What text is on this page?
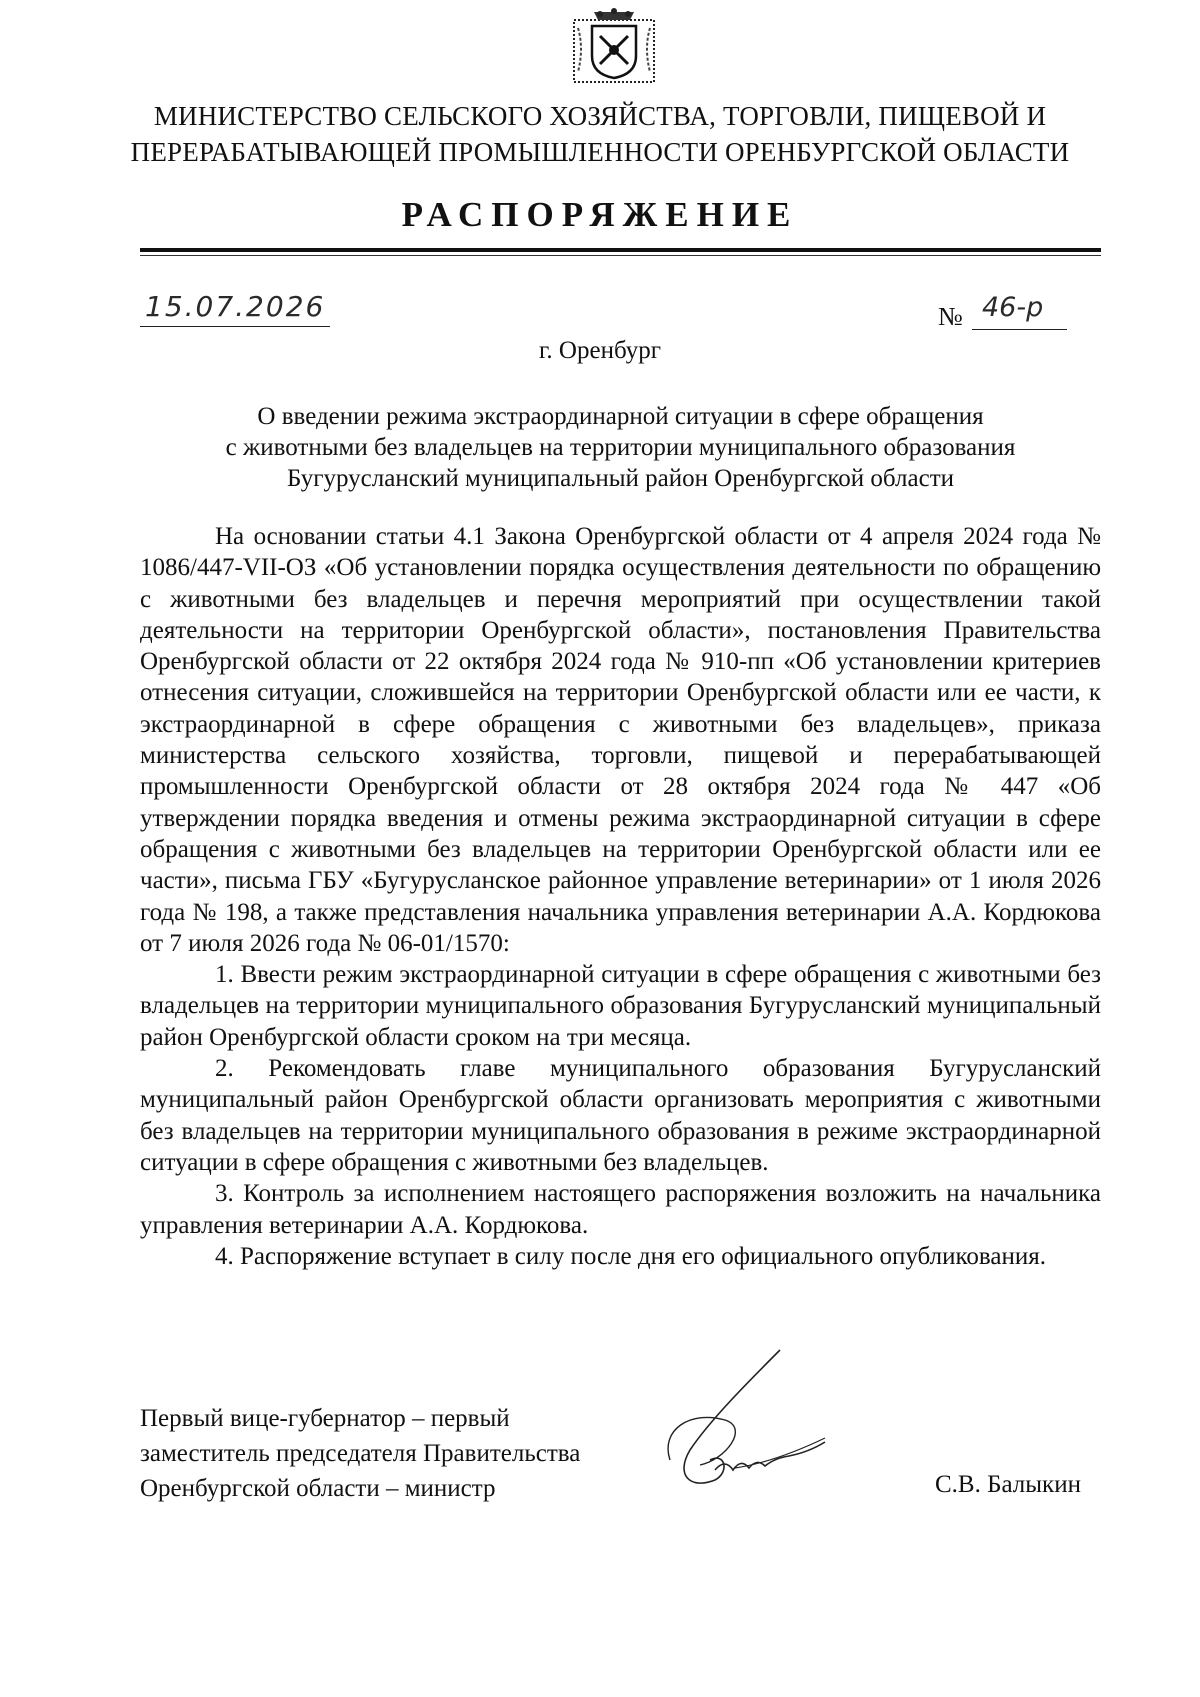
МИНИСТЕРСТВО СЕЛЬСКОГО ХОЗЯЙСТВА, ТОРГОВЛИ, ПИЩЕВОЙ И
ПЕРЕРАБАТЫВАЮЩЕЙ ПРОМЫШЛЕННОСТИ ОРЕНБУРГСКОЙ ОБЛАСТИ
РАСПОРЯЖЕНИЕ
15.07.2026	№ 46-р
г. Оренбург
О введении режима экстраординарной ситуации в сфере обращения
с животными без владельцев на территории муниципального образования
Бугурусланский муниципальный район Оренбургской области

На основании статьи 4.1 Закона Оренбургской области от 4 апреля 2024 года № 1086/447-VII-ОЗ «Об установлении порядка осуществления деятельности по обращению с животными без владельцев и перечня мероприятий при осуществлении такой деятельности на территории Оренбургской области», постановления Правительства Оренбургской области от 22 октября 2024 года № 910-пп «Об установлении критериев отнесения ситуации, сложившейся на территории Оренбургской области или ее части, к экстраординарной в сфере обращения с животными без владельцев», приказа министерства сельского хозяйства, торговли, пищевой и перерабатывающей промышленности Оренбургской области от 28 октября 2024 года № 447 «Об утверждении порядка введения и отмены режима экстраординарной ситуации в сфере обращения с животными без владельцев на территории Оренбургской области или ее части», письма ГБУ «Бугурусланское районное управление ветеринарии» от 1 июля 2026 года № 198, а также представления начальника управления ветеринарии А.А. Кордюкова от 7 июля 2026 года № 06-01/1570:

1. Ввести режим экстраординарной ситуации в сфере обращения с животными без владельцев на территории муниципального образования Бугурусланский муниципальный район Оренбургской области сроком на три месяца.

2. Рекомендовать главе муниципального образования Бугурусланский муниципальный район Оренбургской области организовать мероприятия с животными без владельцев на территории муниципального образования в режиме экстраординарной ситуации в сфере обращения с животными без владельцев.

3. Контроль за исполнением настоящего распоряжения возложить на начальника управления ветеринарии А.А. Кордюкова.

4. Распоряжение вступает в силу после дня его официального опубликования.

Первый вице-губернатор – первый
заместитель председателя Правительства
Оренбургской области – министр	С.В. Балыкин
